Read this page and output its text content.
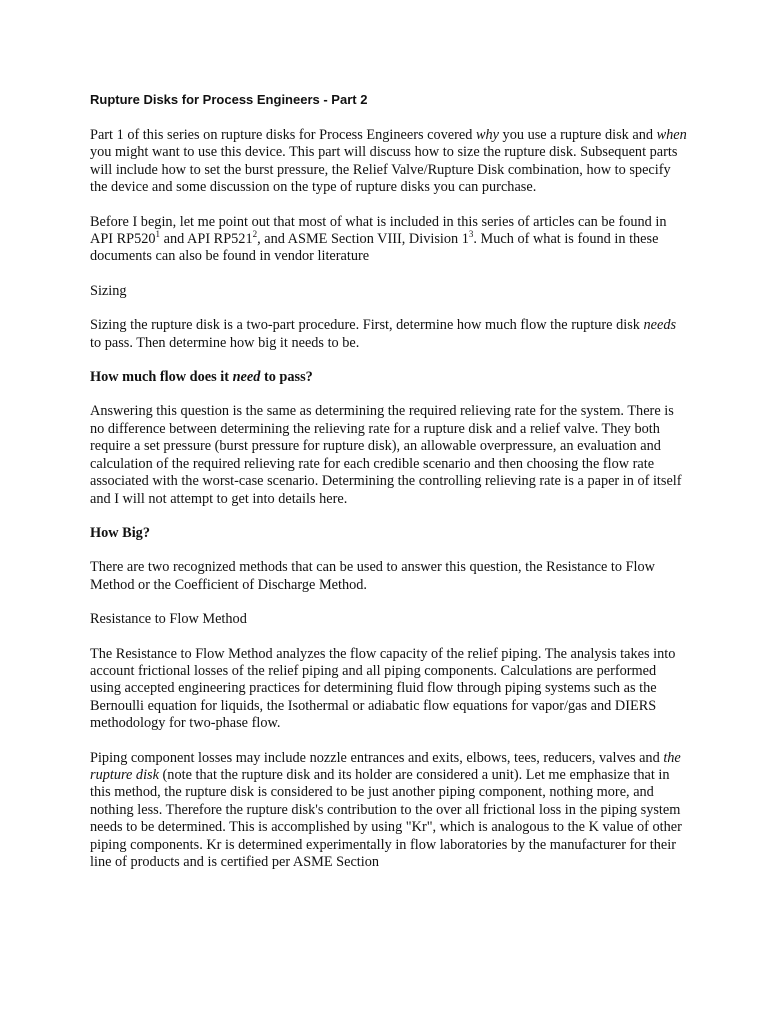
Rupture Disks for Process Engineers - Part 2

Part 1 of this series on rupture disks for Process Engineers covered why you use a rupture disk and when you might want to use this device. This part will discuss how to size the rupture disk. Subsequent parts will include how to set the burst pressure, the Relief Valve/Rupture Disk combination, how to specify the device and some discussion on the type of rupture disks you can purchase.

Before I begin, let me point out that most of what is included in this series of articles can be found in API $RP520^1$ and API $RP521^2$, and ASME Section VIII, Division $1^3$. Much of what is found in these documents can also be found in vendor literature

Sizing

Sizing the rupture disk is a two-part procedure. First, determine how much flow the rupture disk needs to pass. Then determine how big it needs to be.

How much flow does it need to pass?

Answering this question is the same as determining the required relieving rate for the system. There is no difference between determining the relieving rate for a rupture disk and a relief valve. They both require a set pressure (burst pressure for rupture disk), an allowable overpressure, an evaluation and calculation of the required relieving rate for each credible scenario and then choosing the flow rate associated with the worst-case scenario. Determining the controlling relieving rate is a paper in of itself and I will not attempt to get into details here.

How Big?

There are two recognized methods that can be used to answer this question, the Resistance to Flow Method or the Coefficient of Discharge Method.

Resistance to Flow Method

The Resistance to Flow Method analyzes the flow capacity of the relief piping. The analysis takes into account frictional losses of the relief piping and all piping components. Calculations are performed using accepted engineering practices for determining fluid flow through piping systems such as the Bernoulli equation for liquids, the Isothermal or adiabatic flow equations for vapor/gas and DIERS methodology for two-phase flow.

Piping component losses may include nozzle entrances and exits, elbows, tees, reducers, valves and the rupture disk (note that the rupture disk and its holder are considered a unit). Let me emphasize that in this method, the rupture disk is considered to be just another piping component, nothing more, and nothing less. Therefore the rupture disk's contribution to the over all frictional loss in the piping system needs to be determined. This is accomplished by using "Kr", which is analogous to the K value of other piping components. Kr is determined experimentally in flow laboratories by the manufacturer for their line of products and is certified per ASME Section
